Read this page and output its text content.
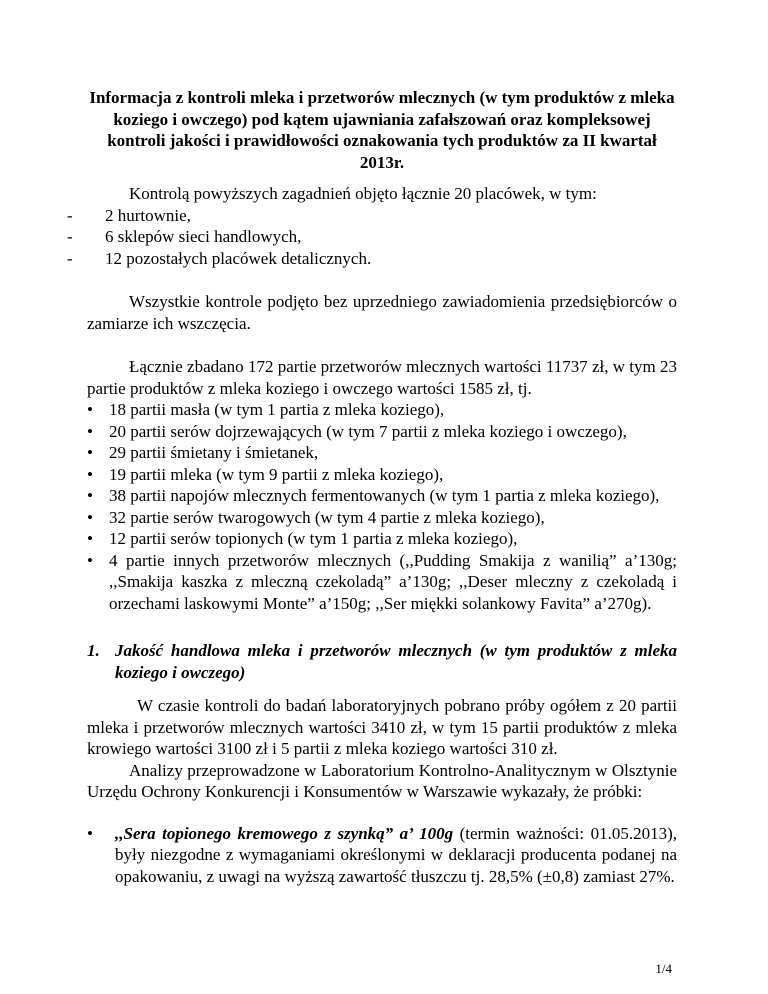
Informacja z kontroli mleka i przetworów mlecznych (w tym produktów z mleka koziego i owczego) pod kątem ujawniania zafałszowań oraz kompleksowej kontroli jakości i prawidłowości oznakowania tych produktów za II kwartał 2013r.

Kontrolą powyższych zagadnień objęto łącznie 20 placówek, w tym:

- 2 hurtownie,
- 6 sklepów sieci handlowych,
- 12 pozostałych placówek detalicznych.

Wszystkie kontrole podjęto bez uprzedniego zawiadomienia przedsiębiorców o zamiarze ich wszczęcia.

Łącznie zbadano 172 partie przetworów mlecznych wartości 11737 zł, w tym 23 partie produktów z mleka koziego i owczego wartości 1585 zł, tj.

• 18 partii masła (w tym 1 partia z mleka koziego),
• 20 partii serów dojrzewających (w tym 7 partii z mleka koziego i owczego),
• 29 partii śmietany i śmietanek,
• 19 partii mleka (w tym 9 partii z mleka koziego),
• 38 partii napojów mlecznych fermentowanych (w tym 1 partia z mleka koziego),
• 32 partie serów twarogowych (w tym 4 partie z mleka koziego),
• 12 partii serów topionych (w tym 1 partia z mleka koziego),
• 4 partie innych przetworów mlecznych (,,Pudding Smakija z wanilią” a’130g; ,,Smakija kaszka z mleczną czekoladą” a’130g; ,,Deser mleczny z czekoladą i orzechami laskowymi Monte” a’150g; ,,Ser miękki solankowy Favita” a’270g).
1. Jakość handlowa mleka i przetworów mlecznych (w tym produktów z mleka koziego i owczego)

W czasie kontroli do badań laboratoryjnych pobrano próby ogółem z 20 partii mleka i przetworów mlecznych wartości 3410 zł, w tym 15 partii produktów z mleka krowiego wartości 3100 zł i 5 partii z mleka koziego wartości 310 zł.

Analizy przeprowadzone w Laboratorium Kontrolno-Analitycznym w Olsztynie Urzędu Ochrony Konkurencji i Konsumentów w Warszawie wykazały, że próbki:

• ,,Sera topionego kremowego z szynką” a’ 100g (termin ważności: 01.05.2013), były niezgodne z wymaganiami określonymi w deklaracji producenta podanej na opakowaniu, z uwagi na wyższą zawartość tłuszczu tj. 28,5% (±0,8) zamiast 27%.
1/4
